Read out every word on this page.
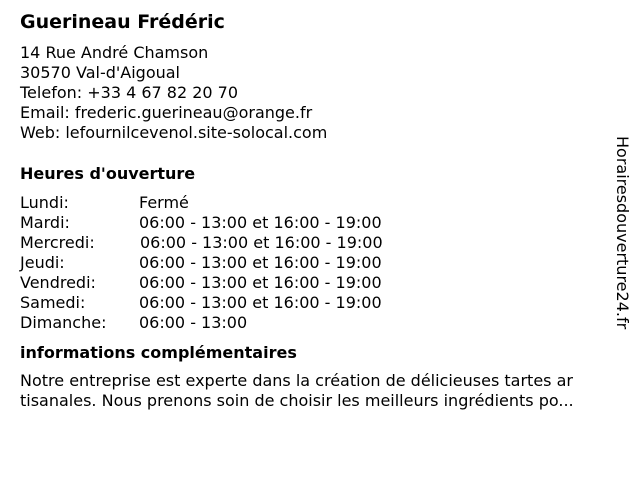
Guerineau Frédéric
14 Rue André Chamson
30570 Val-d'Aigoual
Telefon: +33 4 67 82 20 70
Email: frederic.guerineau@orange.fr
Web: lefournilcevenol.site-solocal.com
Heures d'ouverture
Lundi:	Fermé
Mardi:	06:00 - 13:00 et 16:00 - 19:00
Mercredi:	06:00 - 13:00 et 16:00 - 19:00
Jeudi:	06:00 - 13:00 et 16:00 - 19:00
Vendredi:	06:00 - 13:00 et 16:00 - 19:00
Samedi:	06:00 - 13:00 et 16:00 - 19:00
Dimanche: 06:00 - 13:00
informations complémentaires
Notre entreprise est experte dans la création de délicieuses tartes ar
tisanales. Nous prenons soin de choisir les meilleurs ingrédients po...
Horairesdouverture24.fr
